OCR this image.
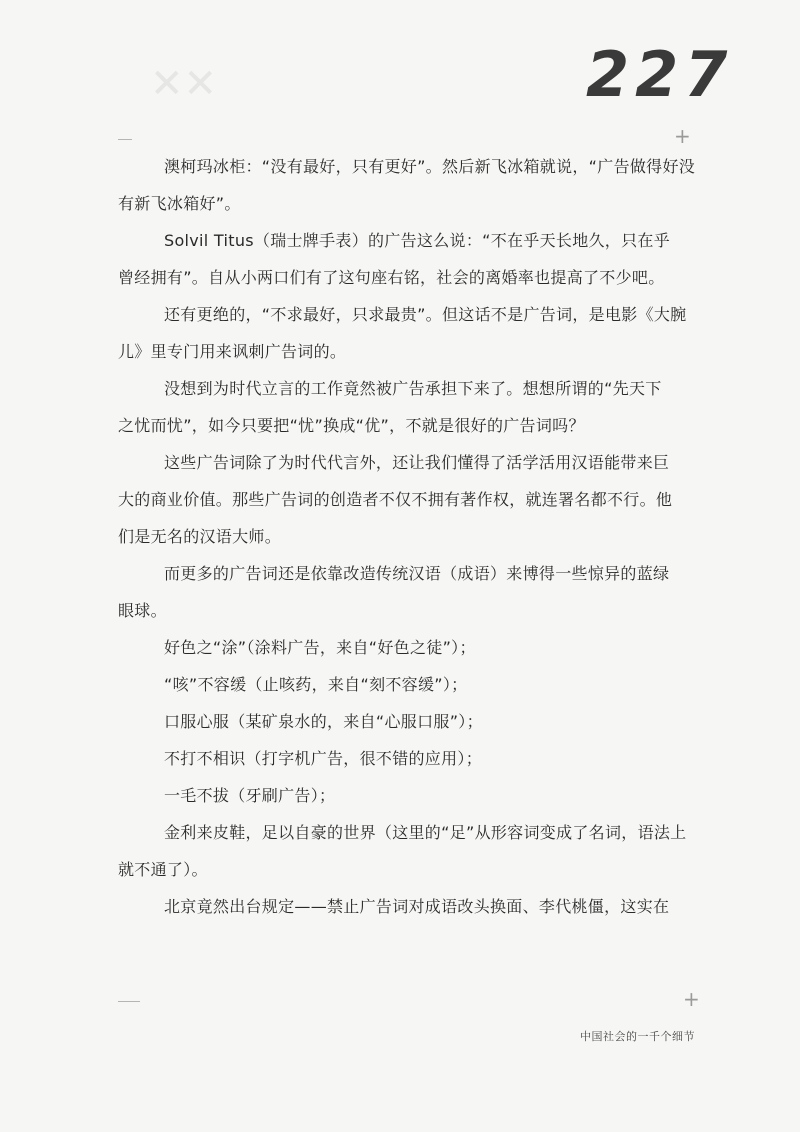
✕✕	227
+
澳柯玛冰柜：“没有最好，只有更好”。然后新飞冰箱就说，“广告做得好没
有新飞冰箱好”。
Solvil Titus（瑞士牌手表）的广告这么说：“不在乎天长地久，只在乎
曾经拥有”。自从小两口们有了这句座右铭，社会的离婚率也提高了不少吧。
还有更绝的，“不求最好，只求最贵”。但这话不是广告词，是电影《大腕
儿》里专门用来讽刺广告词的。
没想到为时代立言的工作竟然被广告承担下来了。想想所谓的“先天下
之忧而忧”，如今只要把“忧”换成“优”，不就是很好的广告词吗？
这些广告词除了为时代代言外，还让我们懂得了活学活用汉语能带来巨
大的商业价值。那些广告词的创造者不仅不拥有著作权，就连署名都不行。他
们是无名的汉语大师。
而更多的广告词还是依靠改造传统汉语（成语）来博得一些惊异的蓝绿
眼球。
好色之“涂”（涂料广告，来自“好色之徒”）；
“咳”不容缓（止咳药，来自“刻不容缓”）；
口服心服（某矿泉水的，来自“心服口服”）；
不打不相识（打字机广告，很不错的应用）；
一毛不拔（牙刷广告）；
金利来皮鞋，足以自豪的世界（这里的“足”从形容词变成了名词，语法上
就不通了）。
北京竟然出台规定——禁止广告词对成语改头换面、李代桃僵，这实在
+
中国社会的一千个细节
